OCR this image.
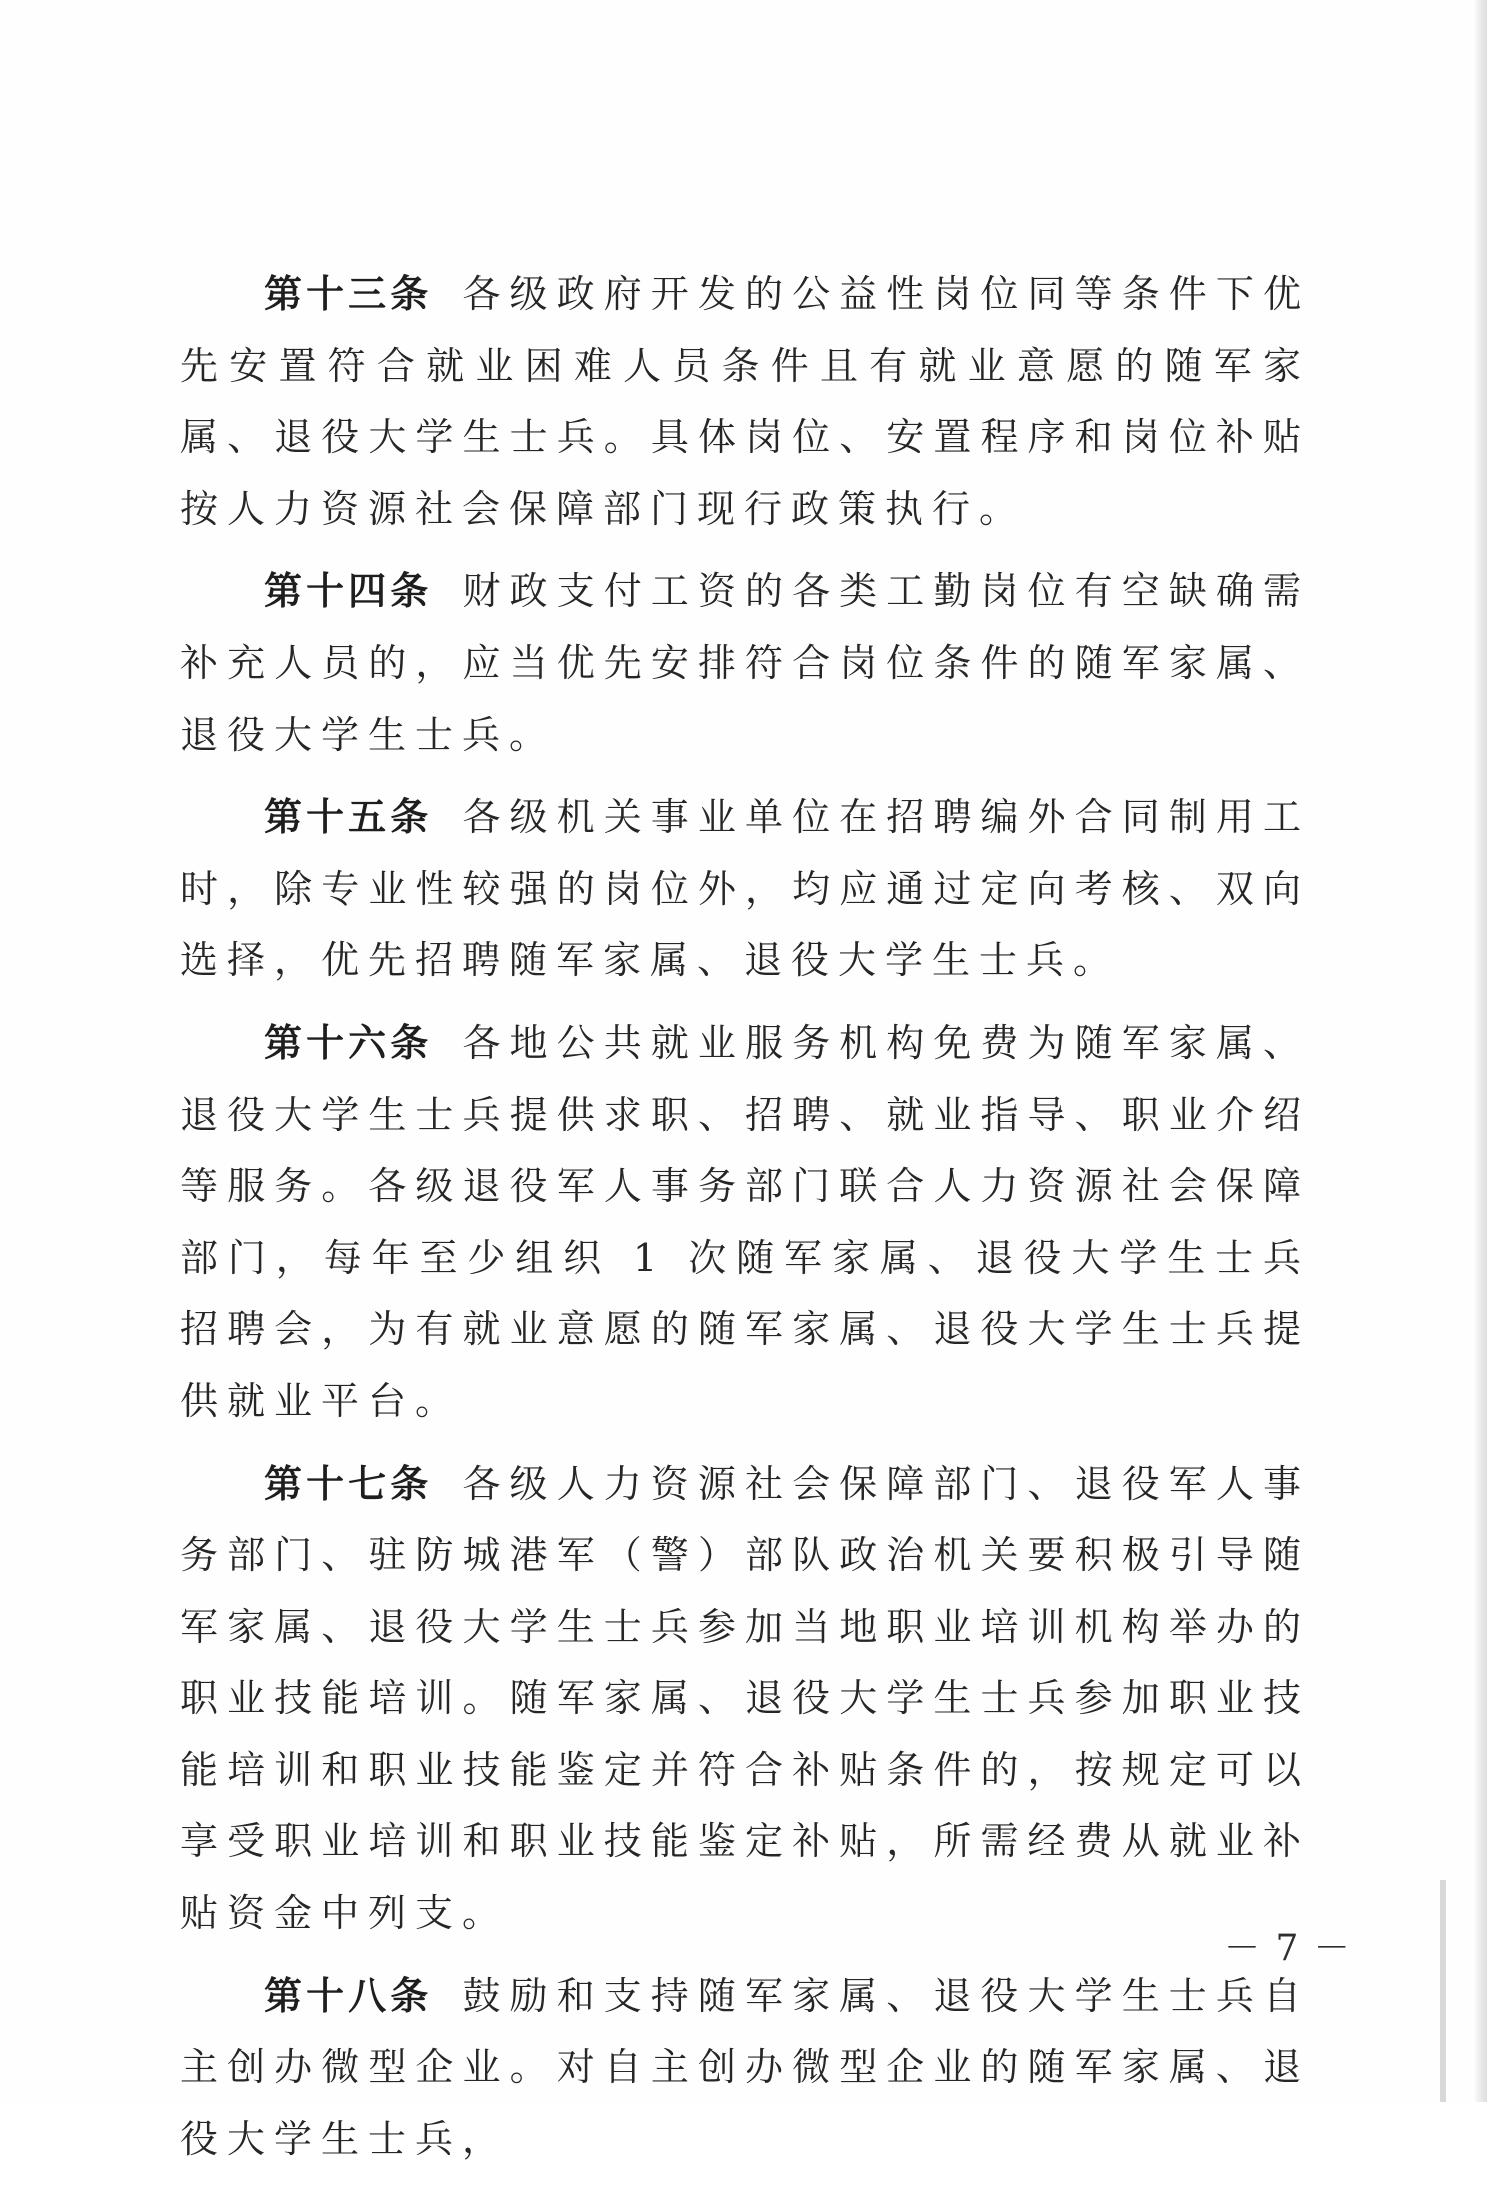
第十三条 各级政府开发的公益性岗位同等条件下优先安置符合就业困难人员条件且有就业意愿的随军家属、退役大学生士兵。具体岗位、安置程序和岗位补贴按人力资源社会保障部门现行政策执行。

第十四条 财政支付工资的各类工勤岗位有空缺确需补充人员的，应当优先安排符合岗位条件的随军家属、退役大学生士兵。

第十五条 各级机关事业单位在招聘编外合同制用工时，除专业性较强的岗位外，均应通过定向考核、双向选择，优先招聘随军家属、退役大学生士兵。

第十六条 各地公共就业服务机构免费为随军家属、退役大学生士兵提供求职、招聘、就业指导、职业介绍等服务。各级退役军人事务部门联合人力资源社会保障部门，每年至少组织 1 次随军家属、退役大学生士兵招聘会，为有就业意愿的随军家属、退役大学生士兵提供就业平台。

第十七条 各级人力资源社会保障部门、退役军人事务部门、驻防城港军（警）部队政治机关要积极引导随军家属、退役大学生士兵参加当地职业培训机构举办的职业技能培训。随军家属、退役大学生士兵参加职业技能培训和职业技能鉴定并符合补贴条件的，按规定可以享受职业培训和职业技能鉴定补贴，所需经费从就业补贴资金中列支。

第十八条 鼓励和支持随军家属、退役大学生士兵自主创办微型企业。对自主创办微型企业的随军家属、退役大学生士兵，

－ 7 －
